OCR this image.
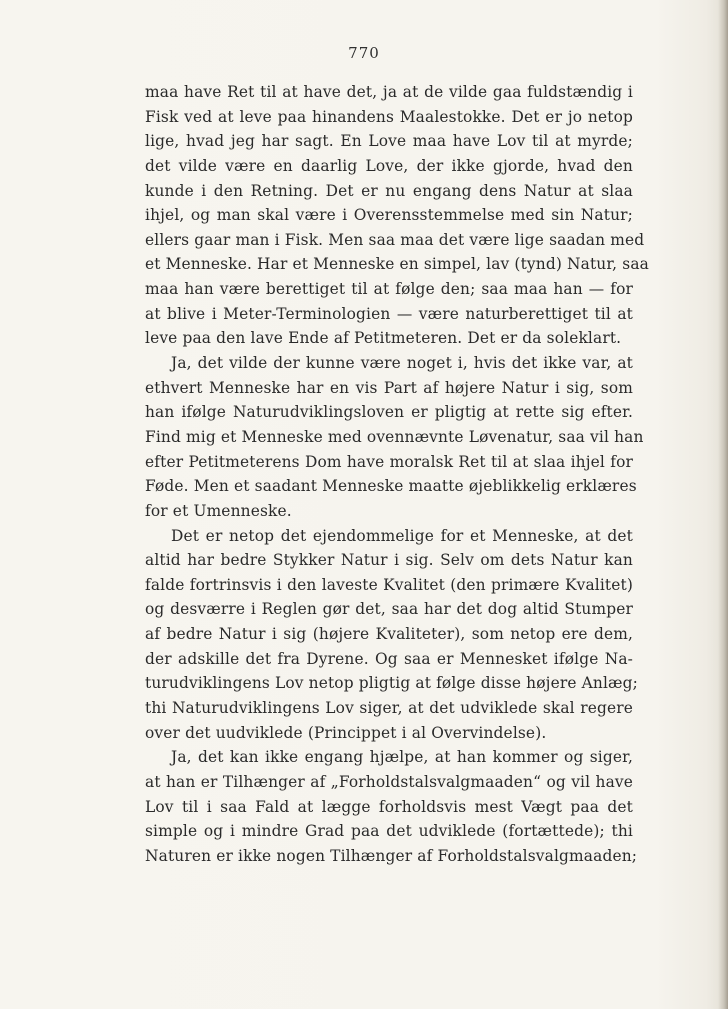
770
maa have Ret til at have det, ja at de vilde gaa fuldstændig i
Fisk ved at leve paa hinandens Maalestokke. Det er jo netop
lige, hvad jeg har sagt. En Love maa have Lov til at myrde;
det vilde være en daarlig Love, der ikke gjorde, hvad den
kunde i den Retning. Det er nu engang dens Natur at slaa
ihjel, og man skal være i Overensstemmelse med sin Natur;
ellers gaar man i Fisk. Men saa maa det være lige saadan med
et Menneske. Har et Menneske en simpel, lav (tynd) Natur, saa
maa han være berettiget til at følge den; saa maa han — for
at blive i Meter-Terminologien — være naturberettiget til at
leve paa den lave Ende af Petitmeteren. Det er da soleklart.
Ja, det vilde der kunne være noget i, hvis det ikke var, at
ethvert Menneske har en vis Part af højere Natur i sig, som
han ifølge Naturudviklingsloven er pligtig at rette sig efter.
Find mig et Menneske med ovennævnte Løvenatur, saa vil han
efter Petitmeterens Dom have moralsk Ret til at slaa ihjel for
Føde. Men et saadant Menneske maatte øjeblikkelig erklæres
for et Umenneske.
Det er netop det ejendommelige for et Menneske, at det
altid har bedre Stykker Natur i sig. Selv om dets Natur kan
falde fortrinsvis i den laveste Kvalitet (den primære Kvalitet)
og desværre i Reglen gør det, saa har det dog altid Stumper
af bedre Natur i sig (højere Kvaliteter), som netop ere dem,
der adskille det fra Dyrene. Og saa er Mennesket ifølge Na-
turudviklingens Lov netop pligtig at følge disse højere Anlæg;
thi Naturudviklingens Lov siger, at det udviklede skal regere
over det uudviklede (Princippet i al Overvindelse).
Ja, det kan ikke engang hjælpe, at han kommer og siger,
at han er Tilhænger af „Forholdstalsvalgmaaden“ og vil have
Lov til i saa Fald at lægge forholdsvis mest Vægt paa det
simple og i mindre Grad paa det udviklede (fortættede); thi
Naturen er ikke nogen Tilhænger af Forholdstalsvalgmaaden;
